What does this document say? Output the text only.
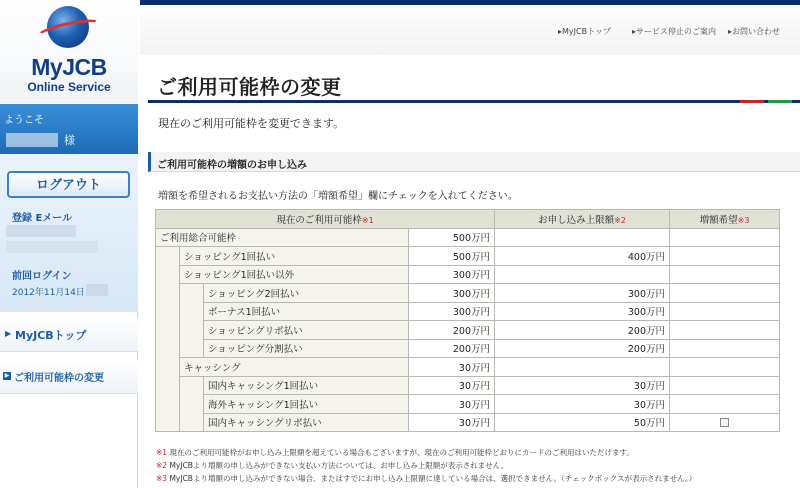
MyJCB
Online Service
ようこそ
様
ログアウト
登録 Eメール
前回ログイン
2012年11月14日
▶ MyJCBトップ
▶ ご利用可能枠の変更
▸MyJCBトップ	▸サービス停止のご案内 ▸お問い合わせ
ご利用可能枠の変更
現在のご利用可能枠を変更できます。
ご利用可能枠の増額のお申し込み
増額を希望されるお支払い方法の「増額希望」欄にチェックを入れてください。
現在のご利用可能枠※1				お申し込み上限額※2	増額希望※3
ご利用総合可能枠			500万円		
	ショッピング1回払い		500万円	400万円	
	ショッピング1回払い以外		300万円		
		ショッピング2回払い	300万円	300万円	
		ボーナス1回払い	300万円	300万円	
		ショッピングリボ払い	200万円	200万円	
		ショッピング分割払い	200万円	200万円	
	キャッシング		30万円		
		国内キャッシング1回払い	30万円	30万円	
		海外キャッシング1回払い	30万円	30万円	
		国内キャッシングリボ払い	30万円	50万円	
※1 現在のご利用可能枠がお申し込み上限額を超えている場合もございますが、現在のご利用可能枠どおりにカードのご利用はいただけます。
※2 MyJCBより増額の申し込みができない支払い方法については、お申し込み上限額が表示されません。
※3 MyJCBより増額の申し込みができない場合、またはすでにお申し込み上限額に達している場合は、選択できません。（チェックボックスが表示されません。）
